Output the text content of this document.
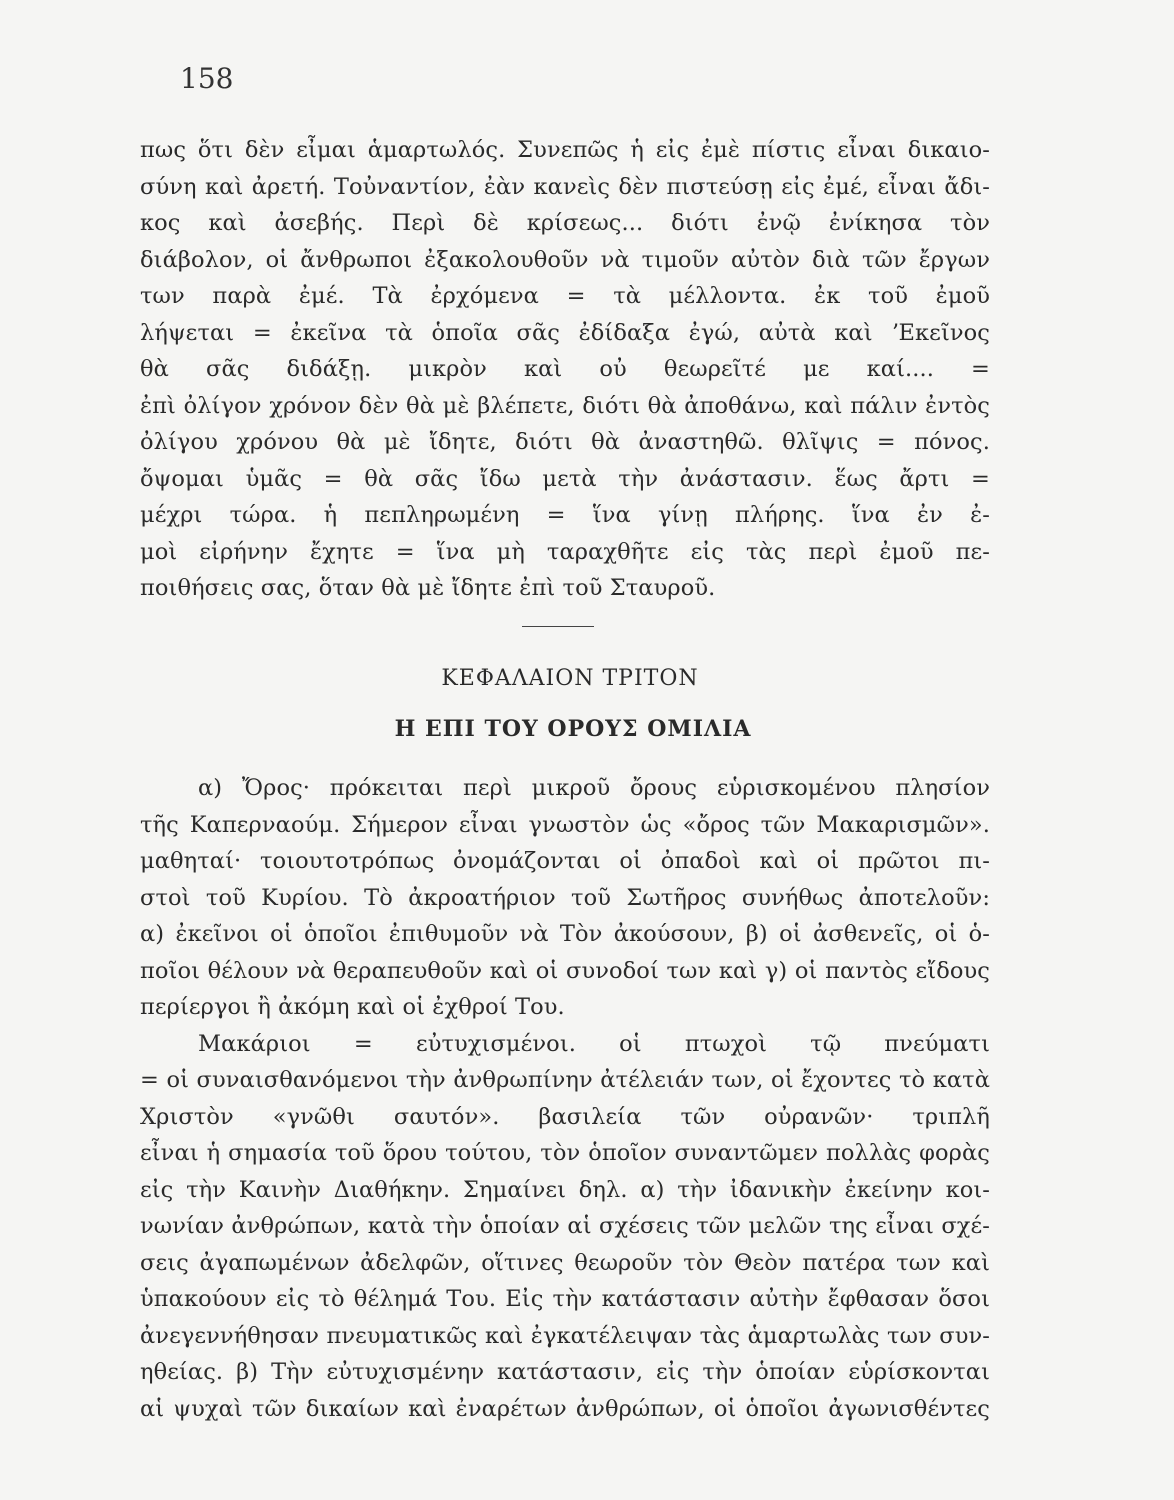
158
πως ὅτι δὲν εἶμαι ἁμαρτωλός. Συνεπῶς ἡ εἰς ἐμὲ πίστις εἶναι δικαιο-
σύνη καὶ ἀρετή. Τοὐναντίον, ἐὰν κανεὶς δὲν πιστεύσῃ εἰς ἐμέ, εἶναι ἄδι-
κος καὶ ἀσεβής. Περὶ δὲ κρίσεως... διότι ἐνῷ ἐνίκησα τὸν
διάβολον, οἱ ἄνθρωποι ἐξακολουθοῦν νὰ τιμοῦν αὐτὸν διὰ τῶν ἔργων
των παρὰ ἐμέ. Τὰ ἐρχόμενα = τὰ μέλλοντα. ἐκ τοῦ ἐμοῦ
λήψεται = ἐκεῖνα τὰ ὁποῖα σᾶς ἐδίδαξα ἐγώ, αὐτὰ καὶ ʼΕκεῖνος
θὰ σᾶς διδάξῃ. μικρὸν καὶ οὐ θεωρεῖτέ με καί.... =
ἐπὶ ὀλίγον χρόνον δὲν θὰ μὲ βλέπετε, διότι θὰ ἀποθάνω, καὶ πάλιν ἐντὸς
ὀλίγου χρόνου θὰ μὲ ἴδητε, διότι θὰ ἀναστηθῶ. θλῖψις = πόνος.
ὄψομαι ὑμᾶς = θὰ σᾶς ἴδω μετὰ τὴν ἀνάστασιν. ἕως ἄρτι =
μέχρι τώρα. ἡ πεπληρωμένη = ἵνα γίνῃ πλήρης. ἵνα ἐν ἐ-
μοὶ εἰρήνην ἔχητε = ἵνα μὴ ταραχθῆτε εἰς τὰς περὶ ἐμοῦ πε-
ποιθήσεις σας, ὅταν θὰ μὲ ἴδητε ἐπὶ τοῦ Σταυροῦ.
ΚΕΦΑΛΑΙΟΝ ΤΡΙΤΟΝ
Η ΕΠΙ ΤΟΥ ΟΡΟΥΣ ΟΜΙΛΙΑ
α) Ὄρος· πρόκειται περὶ μικροῦ ὄρους εὑρισκομένου πλησίον
τῆς Καπερναούμ. Σήμερον εἶναι γνωστὸν ὡς «ὄρος τῶν Μακαρισμῶν».
μαθηταί· τοιουτοτρόπως ὀνομάζονται οἱ ὀπαδοὶ καὶ οἱ πρῶτοι πι-
στοὶ τοῦ Κυρίου. Τὸ ἀκροατήριον τοῦ Σωτῆρος συνήθως ἀποτελοῦν:
α) ἐκεῖνοι οἱ ὁποῖοι ἐπιθυμοῦν νὰ Τὸν ἀκούσουν, β) οἱ ἀσθενεῖς, οἱ ὁ-
ποῖοι θέλουν νὰ θεραπευθοῦν καὶ οἱ συνοδοί των καὶ γ) οἱ παντὸς εἴδους
περίεργοι ἢ ἀκόμη καὶ οἱ ἐχθροί Του.
Μακάριοι = εὐτυχισμένοι. οἱ πτωχοὶ τῷ πνεύματι
= οἱ συναισθανόμενοι τὴν ἀνθρωπίνην ἀτέλειάν των, οἱ ἔχοντες τὸ κατὰ
Χριστὸν «γνῶθι σαυτόν». βασιλεία τῶν οὐρανῶν· τριπλῆ
εἶναι ἡ σημασία τοῦ ὅρου τούτου, τὸν ὁποῖον συναντῶμεν πολλὰς φορὰς
εἰς τὴν Καινὴν Διαθήκην. Σημαίνει δηλ. α) τὴν ἰδανικὴν ἐκείνην κοι-
νωνίαν ἀνθρώπων, κατὰ τὴν ὁποίαν αἱ σχέσεις τῶν μελῶν της εἶναι σχέ-
σεις ἀγαπωμένων ἀδελφῶν, οἵτινες θεωροῦν τὸν Θεὸν πατέρα των καὶ
ὑπακούουν εἰς τὸ θέλημά Του. Εἰς τὴν κατάστασιν αὐτὴν ἔφθασαν ὅσοι
ἀνεγεννήθησαν πνευματικῶς καὶ ἐγκατέλειψαν τὰς ἁμαρτωλὰς των συν-
ηθείας. β) Τὴν εὐτυχισμένην κατάστασιν, εἰς τὴν ὁποίαν εὑρίσκονται
αἱ ψυχαὶ τῶν δικαίων καὶ ἐναρέτων ἀνθρώπων, οἱ ὁποῖοι ἀγωνισθέντες
